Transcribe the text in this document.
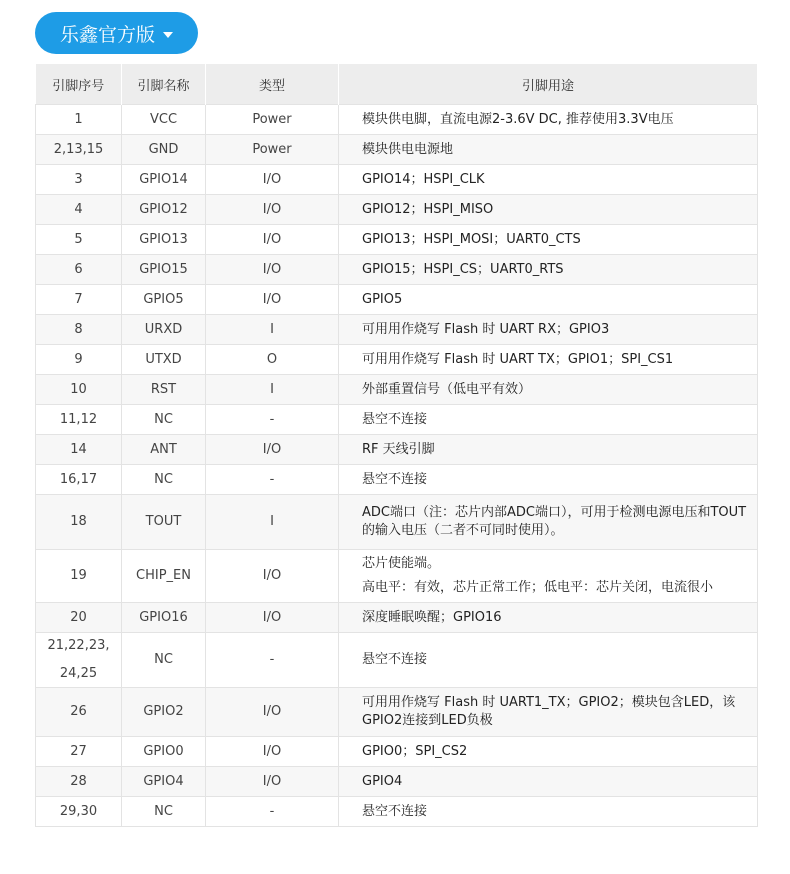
乐鑫官方版
引脚序号	引脚名称	类型	引脚用途
1	VCC	Power	模块供电脚，直流电源2-3.6V DC, 推荐使用3.3V电压
2,13,15	GND	Power	模块供电电源地
3	GPIO14	I/O	GPIO14；HSPI_CLK
4	GPIO12	I/O	GPIO12；HSPI_MISO
5	GPIO13	I/O	GPIO13；HSPI_MOSI；UART0_CTS
6	GPIO15	I/O	GPIO15；HSPI_CS；UART0_RTS
7	GPIO5	I/O	GPIO5
8	URXD	I	可用用作烧写 Flash 时 UART RX；GPIO3
9	UTXD	O	可用用作烧写 Flash 时 UART TX；GPIO1；SPI_CS1
10	RST	I	外部重置信号（低电平有效）
11,12	NC	-	悬空不连接
14	ANT	I/O	RF 天线引脚
16,17	NC	-	悬空不连接
18	TOUT	I	ADC端口（注：芯片内部ADC端口），可用于检测电源电压和TOUT的输入电压（二者不可同时使用）。
19	CHIP_EN	I/O	芯片使能端。
高电平：有效，芯片正常工作；低电平：芯片关闭，电流很小

20	GPIO16	I/O	深度睡眠唤醒；GPIO16

21,22,23,
24,25	NC	-	悬空不连接
26	GPIO2	I/O	可用用作烧写 Flash 时 UART1_TX；GPIO2；模块包含LED，该GPIO2连接到LED负极
27	GPIO0	I/O	GPIO0；SPI_CS2
28	GPIO4	I/O	GPIO4
29,30	NC	-	悬空不连接
